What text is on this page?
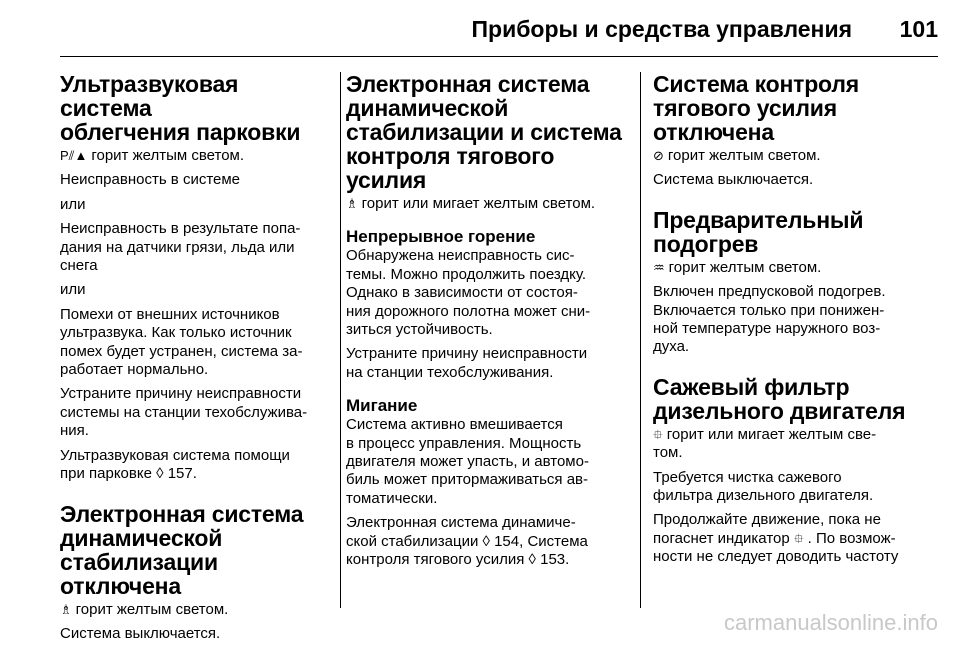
Приборы и средства управления 101
Ультразвуковая система
облегчения парковки

P⫽▲ горит желтым светом.

Неисправность в системе

или

Неисправность в результате попа-
дания на датчики грязи, льда или
снега

или

Помехи от внешних источников
ультразвука. Как только источник
помех будет устранен, система за-
работает нормально.

Устраните причину неисправности
системы на станции техобслужива-
ния.

Ультразвуковая система помощи
при парковке ◊ 157.

Электронная система
динамической
стабилизации отключена

♗ горит желтым светом.

Система выключается.

Электронная система
динамической
стабилизации и система
контроля тягового
усилия

♗ горит или мигает желтым светом.

Непрерывное горение

Обнаружена неисправность сис-
темы. Можно продолжить поездку.
Однако в зависимости от состоя-
ния дорожного полотна может сни-
зиться устойчивость.

Устраните причину неисправности
на станции техобслуживания.

Мигание

Система активно вмешивается
в процесс управления. Мощность
двигателя может упасть, и автомо-
биль может притормаживаться ав-
томатически.

Электронная система динамиче-
ской стабилизации ◊ 154, Система
контроля тягового усилия ◊ 153.

Система контроля
тягового усилия
отключена

⊘ горит желтым светом.

Система выключается.

Предварительный
подогрев

♒ горит желтым светом.

Включен предпусковой подогрев.
Включается только при понижен-
ной температуре наружного воз-
духа.

Сажевый фильтр
дизельного двигателя

⯐ горит или мигает желтым све-
том.

Требуется чистка сажевого
фильтра дизельного двигателя.

Продолжайте движение, пока не
погаснет индикатор ⯐ . По возмож-
ности не следует доводить частоту

carmanualsonline.info
